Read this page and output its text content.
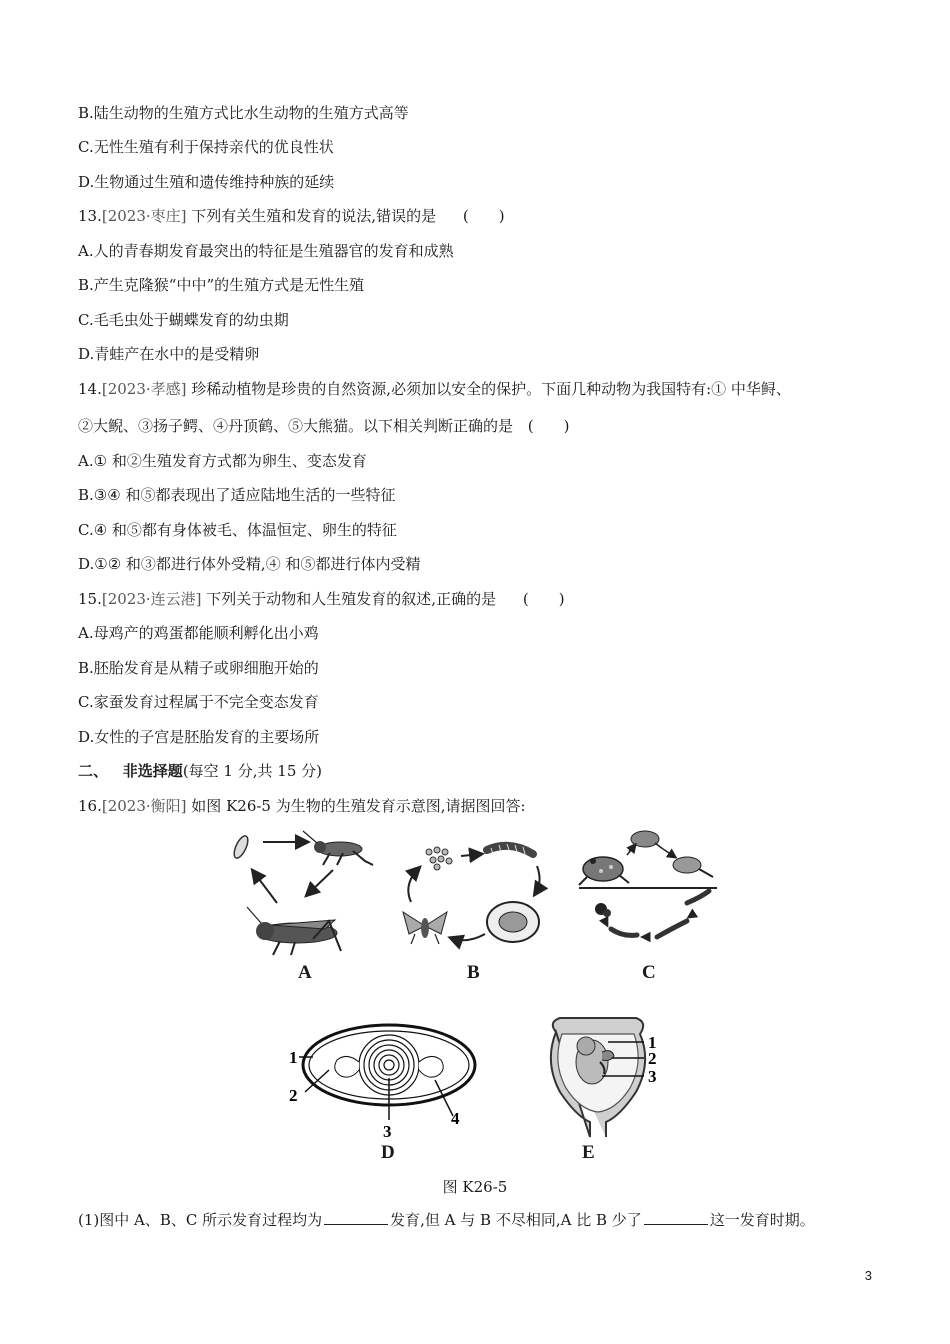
B.陆生动物的生殖方式比水生动物的生殖方式高等
C.无性生殖有利于保持亲代的优良性状
D.生物通过生殖和遗传维持种族的延续
13.[2023·枣庄] 下列有关生殖和发育的说法,错误的是 (　　)
A.人的青春期发育最突出的特征是生殖器官的发育和成熟
B.产生克隆猴“中中”的生殖方式是无性生殖
C.毛毛虫处于蝴蝶发育的幼虫期
D.青蛙产在水中的是受精卵
14.[2023·孝感] 珍稀动植物是珍贵的自然资源,必须加以安全的保护。下面几种动物为我国特有:① 中华鲟、
②大鲵、③扬子鳄、④丹顶鹤、⑤大熊猫。以下相关判断正确的是 (　　)
A.① 和②生殖发育方式都为卵生、变态发育
B.③④ 和⑤都表现出了适应陆地生活的一些特征
C.④ 和⑤都有身体被毛、体温恒定、卵生的特征
D.①② 和③都进行体外受精,④ 和⑤都进行体内受精
15.[2023·连云港] 下列关于动物和人生殖发育的叙述,正确的是 (　　)
A.母鸡产的鸡蛋都能顺利孵化出小鸡
B.胚胎发育是从精子或卵细胞开始的
C.家蚕发育过程属于不完全变态发育
D.女性的子宫是胚胎发育的主要场所
二、 非选择题(每空 1 分,共 15 分)
16.[2023·衡阳] 如图 K26-5 为生物的生殖发育示意图,请据图回答:
A	B	C
1
2
3
4
D
1
2
3
E
图 K26-5
(1)图中 A、B、C 所示发育过程均为	发育,但 A 与 B 不尽相同,A 比 B 少了	这一发育时期。
3
